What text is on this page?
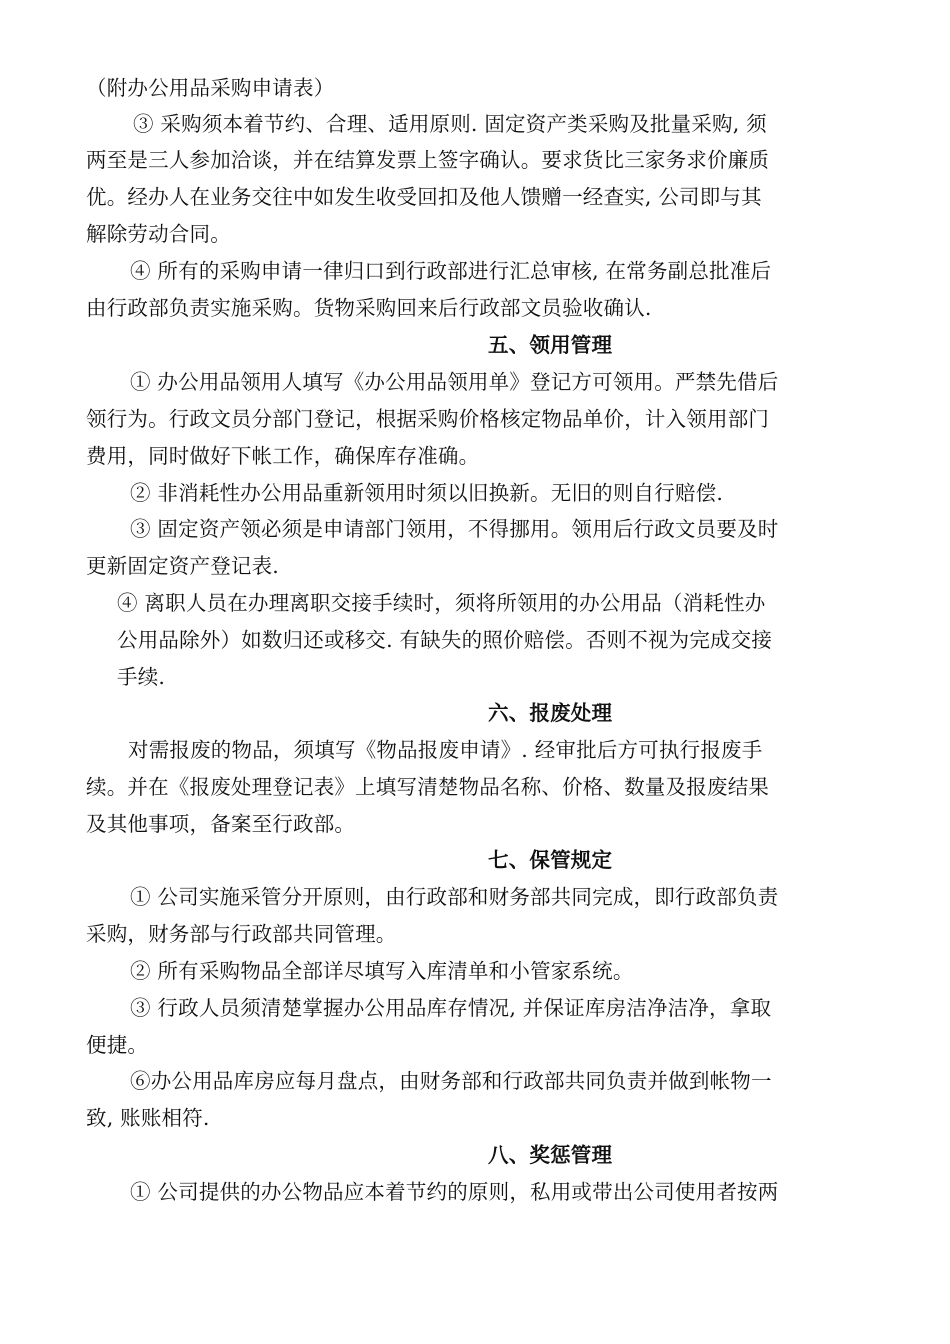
（附办公用品采购申请表）
③ 采购须本着节约、合理、适用原则. 固定资产类采购及批量采购, 须
两至是三人参加洽谈，并在结算发票上签字确认。要求货比三家务求价廉质
优。经办人在业务交往中如发生收受回扣及他人馈赠一经查实, 公司即与其
解除劳动合同。
④ 所有的采购申请一律归口到行政部进行汇总审核, 在常务副总批准后
由行政部负责实施采购。货物采购回来后行政部文员验收确认.
五、领用管理
① 办公用品领用人填写《办公用品领用单》登记方可领用。严禁先借后
领行为。行政文员分部门登记，根据采购价格核定物品单价，计入领用部门
费用，同时做好下帐工作，确保库存准确。
② 非消耗性办公用品重新领用时须以旧换新。无旧的则自行赔偿.
③ 固定资产领必须是申请部门领用，不得挪用。领用后行政文员要及时
更新固定资产登记表.
④ 离职人员在办理离职交接手续时，须将所领用的办公用品（消耗性办
公用品除外）如数归还或移交. 有缺失的照价赔偿。否则不视为完成交接
手续.
六、报废处理
对需报废的物品，须填写《物品报废申请》. 经审批后方可执行报废手
续。并在《报废处理登记表》上填写清楚物品名称、价格、数量及报废结果
及其他事项，备案至行政部。
七、保管规定
① 公司实施采管分开原则，由行政部和财务部共同完成，即行政部负责
采购，财务部与行政部共同管理。
② 所有采购物品全部详尽填写入库清单和小管家系统。
③ 行政人员须清楚掌握办公用品库存情况, 并保证库房洁净洁净，拿取
便捷。
⑥办公用品库房应每月盘点，由财务部和行政部共同负责并做到帐物一
致, 账账相符.
八、奖惩管理
① 公司提供的办公物品应本着节约的原则，私用或带出公司使用者按两
